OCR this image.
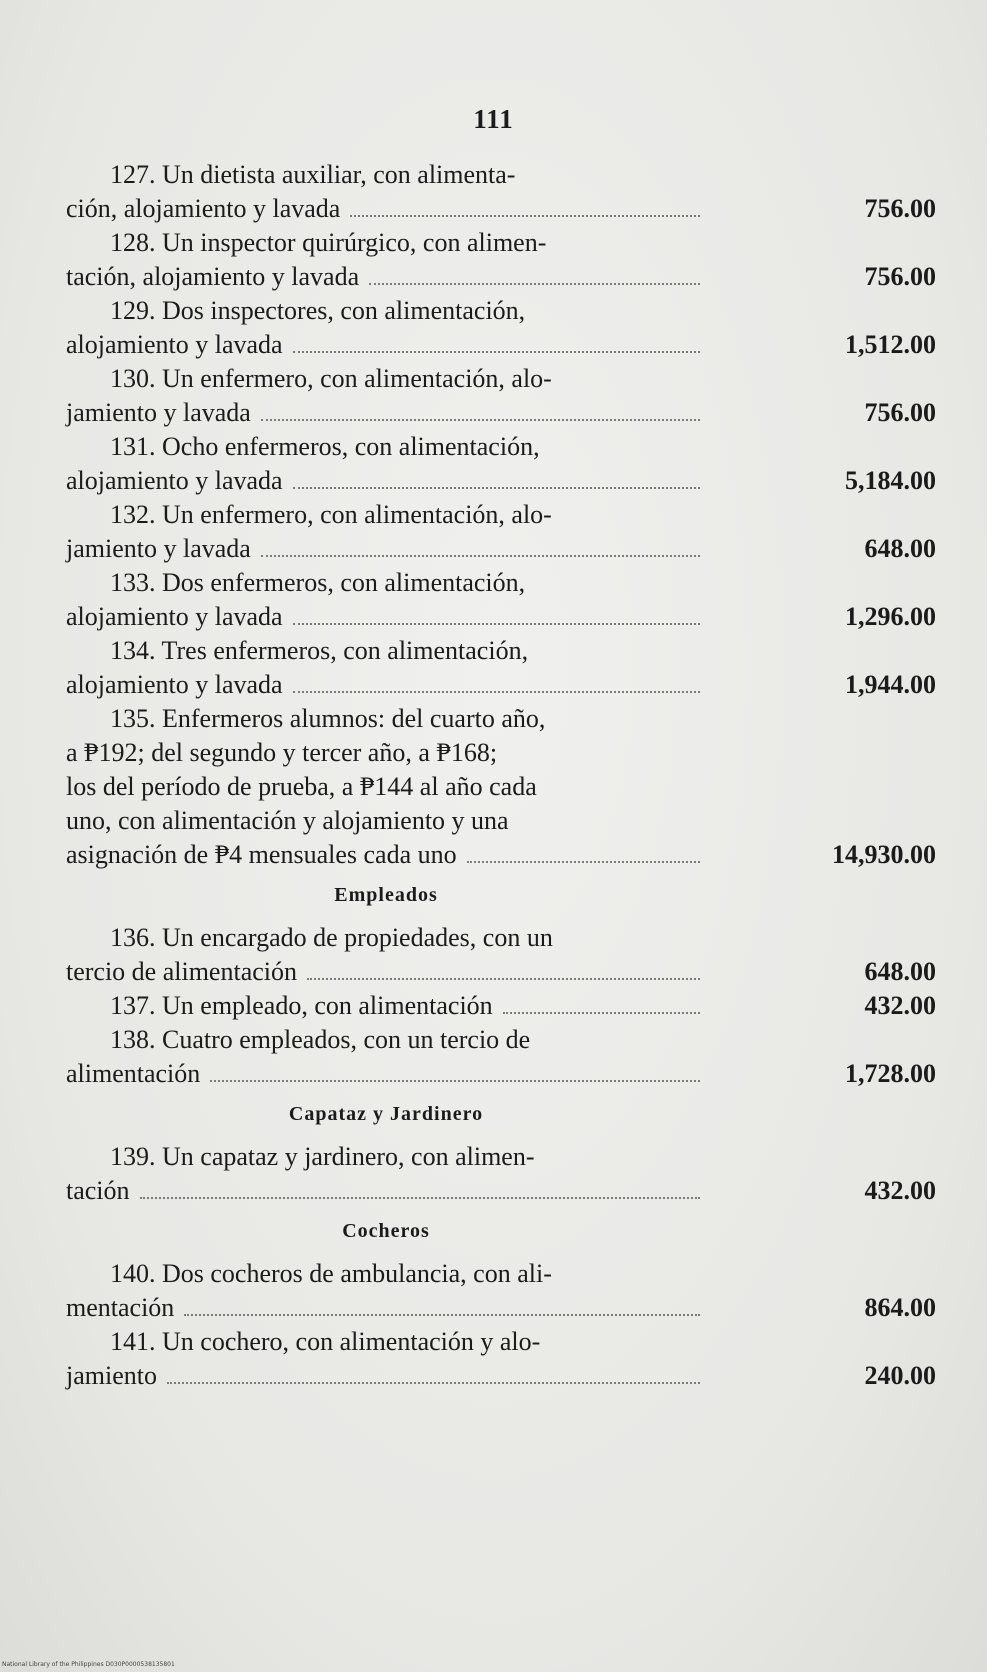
111
127. Un dietista auxiliar, con alimenta-
ción, alojamiento y lavada	756.00
128. Un inspector quirúrgico, con alimen-
tación, alojamiento y lavada	756.00
129. Dos inspectores, con alimentación,
alojamiento y lavada	1,512.00
130. Un enfermero, con alimentación, alo-
jamiento y lavada	756.00
131. Ocho enfermeros, con alimentación,
alojamiento y lavada	5,184.00
132. Un enfermero, con alimentación, alo-
jamiento y lavada	648.00
133. Dos enfermeros, con alimentación,
alojamiento y lavada	1,296.00
134. Tres enfermeros, con alimentación,
alojamiento y lavada	1,944.00
135. Enfermeros alumnos: del cuarto año,
a ₱192; del segundo y tercer año, a ₱168;
los del período de prueba, a ₱144 al año cada
uno, con alimentación y alojamiento y una
asignación de ₱4 mensuales cada uno	14,930.00
Empleados
136. Un encargado de propiedades, con un
tercio de alimentación	648.00
137. Un empleado, con alimentación	432.00
138. Cuatro empleados, con un tercio de
alimentación	1,728.00
Capataz y Jardinero
139. Un capataz y jardinero, con alimen-
tación	432.00
Cocheros
140. Dos cocheros de ambulancia, con ali-
mentación	864.00
141. Un cochero, con alimentación y alo-
jamiento	240.00
National Library of the Philippines D030P0000538135801
